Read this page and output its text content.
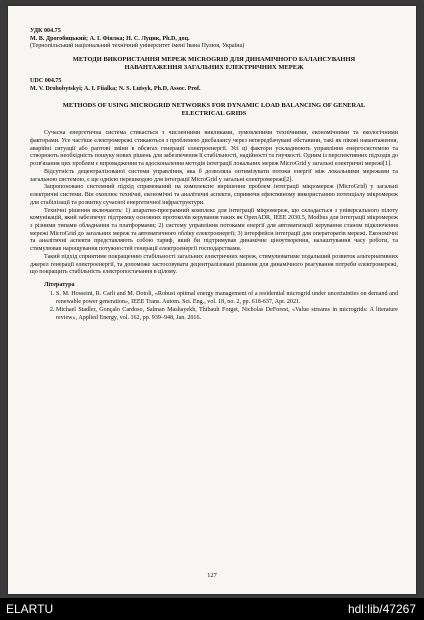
УДК 004.75

М. В. Дрогобицький; А. І. Фіялка; Н. С. Луцик, Ph.D, доц.

(Тернопільський національний технічний університет імені Івана Пулюя, Україна)

МЕТОДИ ВИКОРИСТАННЯ МЕРЕЖ MICROGRID ДЛЯ ДИНАМІЧНОГО БАЛАНСУВАННЯ НАВАНТАЖЕННЯ ЗАГАЛЬНИХ ЕЛЕКТРИЧНИХ МЕРЕЖ

UDC 004.75

M. V. Drohobytskyi; A. I. Fiialka; N. S. Lutsyk, Ph.D, Assoc. Prof.

METHODS OF USING MICROGRID NETWORKS FOR DYNAMIC LOAD BALANCING OF GENERAL ELECTRICAL GRIDS

Сучасна енергетична система стикається з численними викликами, зумовленими технічними, економічними та екологічними факторами. Усе частіше електромережі стикаються з проблемою дисбалансу через непередбачувані обставини, такі як пікові навантаження, аварійні ситуації або раптові зміни в обсягах генерації електроенергії. Усі ці фактори ускладнюють управління енергосистемою та створюють необхідність пошуку нових рішень для забезпечення її стабільності, надійності та гнучкості. Одним із перспективних підходів до розв'язання цих проблем є впровадження та вдосконалення методів інтеграції локальних мереж MicroGrid у загальні електричні мережі[1].

Відсутність децентралізованої системи управління, яка б дозволяла оптимізувати потоки енергії між локальними мережами та загальною системою, є ще однією перешкодою для інтеграції MicroGrid у загальні електромережі[2].

Запропоновано системний підхід спрямований на комплексне вирішення проблем інтеграції мікромереж (MicroGrid) у загальні електричні системи. Він охоплює технічні, економічні та аналітичні аспекти, сприяючи ефективному використанню потенціалу мікромереж для стабілізації та розвитку сучасної енергетичної інфраструктури.

Технічні рішення включають: 1) апаратно-програмний комплекс для інтеграції мікромереж, що складається з універсального пілоту комунікацій, який забезпечує підтримку основних протоколів керування таких як OpenADR, IEEE 2030.5, Modbus для інтеграції мікромереж з різними типами обладнання та платформами; 2) систему управління потоками енергії для автоматизації керування станом підключення мережі MicroGrid до загальних мереж та автоматичного обліку електроенергії; 3) інтерфейси інтеграції для операторатів мережі. Економічні та аналітичні аспекти представляють собою тариф, який би підтримував динамічне ціноутворення, налаштування часу роботи, та стимулював нарощування потужностей генерації електроенергії господарствами.

Такий підхід сприятиме покращенню стабільності загальних електричних мереж, стимулюватиме подальший розвиток альтернативних джерел генерації електроенергії, та допоможе застосовувати децентралізовані рішення для динамічного реагування потреби електромережі, що покращить стабільність електропостачання в цілому.

Література
1. S. M. Hosseini, R. Carli and M. Dotoli, «Robust optimal energy management of a residential microgrid under uncertainties on demand and renewable power generation», IEEE Trans. Autom. Sci. Eng., vol. 18, no. 2, pp. 618-637, Apr. 2021.
2. Michael Stadler, Gonçalo Cardoso, Salman Mashayekh, Thibault Forget, Nicholas DeForest, «Value streams in microgrids: A literature review», Applied Energy, vol. 162, pp. 939–948, Jan. 2016.
127
ELARTU	hdl:lib/47267
